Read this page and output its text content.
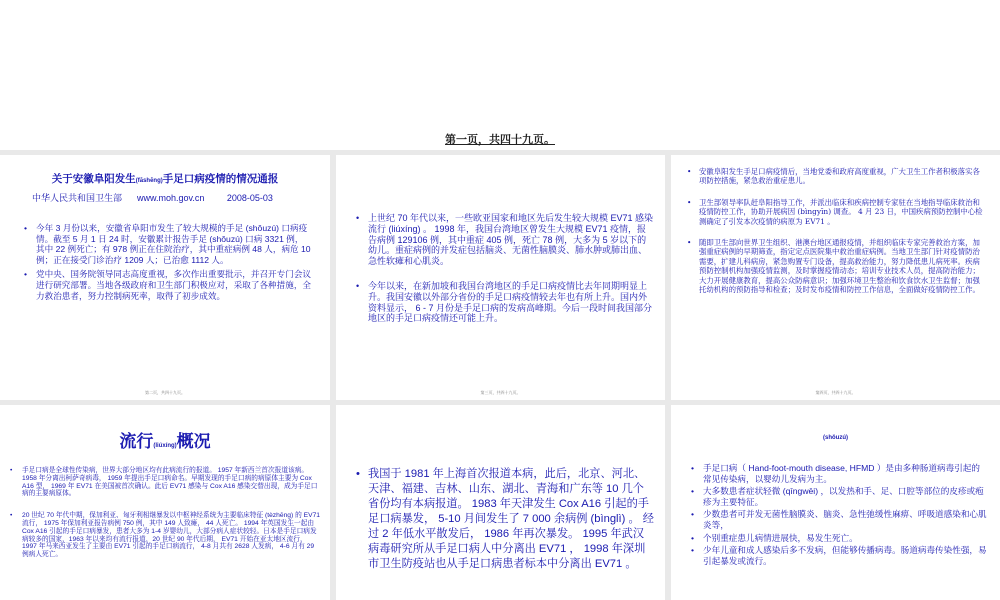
第一页，共四十九页。
关于安徽阜阳发生(fāshēng)手足口病疫情的情况通报
中华人民共和国卫生部      www.moh.gov.cn         2008-05-03
• 今年 3 月份以来，安徽省阜阳市发生了较大规模的手足 (shǒuzú) 口病疫情。截至 5 月 1 日 24 时，安徽累计报告手足 (shǒuzú) 口病 3321 例，其中 22 例死亡；有 978 例正在住院治疗，其中重症病例 48 人，病危 10 例；正在接受门诊治疗 1209 人；已治愈 1112 人。
• 党中央、国务院领导同志高度重视，多次作出重要批示，并召开专门会议进行研究部署。当地各级政府和卫生部门积极应对，采取了各种措施，全力救治患者，努力控制病死率，取得了初步成效。
第二页，共四十九页。
• 上世纪 70 年代以来，一些欧亚国家和地区先后发生较大规模 EV71 感染流行 (liúxíng) 。 1998 年，我国台湾地区曾发生大规模 EV71 疫情，报告病例 129106 例，其中重症 405 例，死亡 78 例，大多为 5 岁以下的幼儿。重症病例的并发症包括脑炎、无菌性脑膜炎、肺水肿或肺出血、急性软瘫和心肌炎。
• 今年以来，在新加坡和我国台湾地区的手足口病疫情比去年同期明显上升。我国安徽以外部分省份的手足口病疫情较去年也有所上升。国内外资料显示， 6 - 7 月份是手足口病的发病高峰期。今后一段时间我国部分地区的手足口病疫情还可能上升。
第三页，共四十九页。
• 安徽阜阳发生手足口病疫情后，当地党委和政府高度重视，广大卫生工作者积极落实各项防控措施，紧急救治重症患儿。
• 卫生部领导率队赶阜阳指导工作，并派出临床和疾病控制专家驻在当地指导临床救治和疫情防控工作，协助开展病因 (bìngyīn) 调查。 4 月 23 日，中国疾病预防控制中心检测确定了引发本次疫情的病原为 EV71 。
• 随即卫生部向世界卫生组织、港澳台地区通报疫情，并组织临床专家完善救治方案，加强重症病例的早期筛查，指定定点医院集中救治重症病例。当地卫生部门针对疫情防治需要，扩建儿科病房，紧急购置专门设备，提高救治能力，努力降低患儿病死率。疾病预防控制机构加强疫情监测，及时掌握疫情动态；培训专业技术人员，提高防治能力；大力开展健康教育，提高公众防病意识；加强环境卫生整治和饮食饮水卫生监督；加强托幼机构的预防指导和检查；及时发布疫情和防控工作信息，全面做好疫情防控工作。
第四页，共四十九页。
流行(liúxíng)概况
• 手足口病是全球性传染病，世界大部分地区均有此病流行的报道。 1957 年新西兰首次报道该病。 1958 年分离出柯萨奇病毒， 1959 年提出手足口病命名。早期发现的手足口病的病原体主要为 Cox A16 型， 1969 年 EV71 在美国被首次确认。此后 EV71 感染与 Cox A16 感染交替出现，成为手足口病的主要病原体。
• 20 世纪 70 年代中期，保加利亚、匈牙利相继暴发以中枢神经系统为主要临床特征 (tèzhēng) 的 EV71 流行， 1975 年保加利亚报告病例 750 例，其中 149 人致瘫， 44 人死亡。 1994 年英国发生一起由 Cox A16 引起的手足口病暴发，患者大多为 1-4 岁婴幼儿，大部分病人症状较轻。日本是手足口病发病较多的国家，1963 年以来均有流行报道，20 世纪 90 年代后期， EV71 开始在亚太地区流行， 1997 年马来西亚发生了主要由 EV71 引起的手足口病流行， 4-8 月共有 2628 人发病， 4-6 月有 29 例病人死亡。
• 我国于 1981 年上海首次报道本病，此后，北京、河北、天津、福建、吉林、山东、湖北、青海和广东等 10 几个省份均有本病报道。 1983 年天津发生 Cox A16 引起的手足口病暴发， 5-10 月间发生了 7 000 余病例 (bìnglì) 。 经过 2 年低水平散发后， 1986 年再次暴发。 1995 年武汉病毒研究所从手足口病人中分离出 EV71 ， 1998 年深圳市卫生防疫站也从手足口病患者标本中分离出 EV71 。
(shǒuzú)
• 手足口病（ Hand-foot-mouth disease, HFMD ）是由多种肠道病毒引起的常见传染病，以婴幼儿发病为主。
• 大多数患者症状轻微 (qīngwēi) ，以发热和手、足、口腔等部位的皮疹或疱疹为主要特征。
• 少数患者可并发无菌性脑膜炎、脑炎、急性弛缓性麻痹、呼吸道感染和心肌炎等，
• 个别重症患儿病情进展快，易发生死亡。
• 少年儿童和成人感染后多不发病，但能够传播病毒。肠道病毒传染性强，易引起暴发或流行。
